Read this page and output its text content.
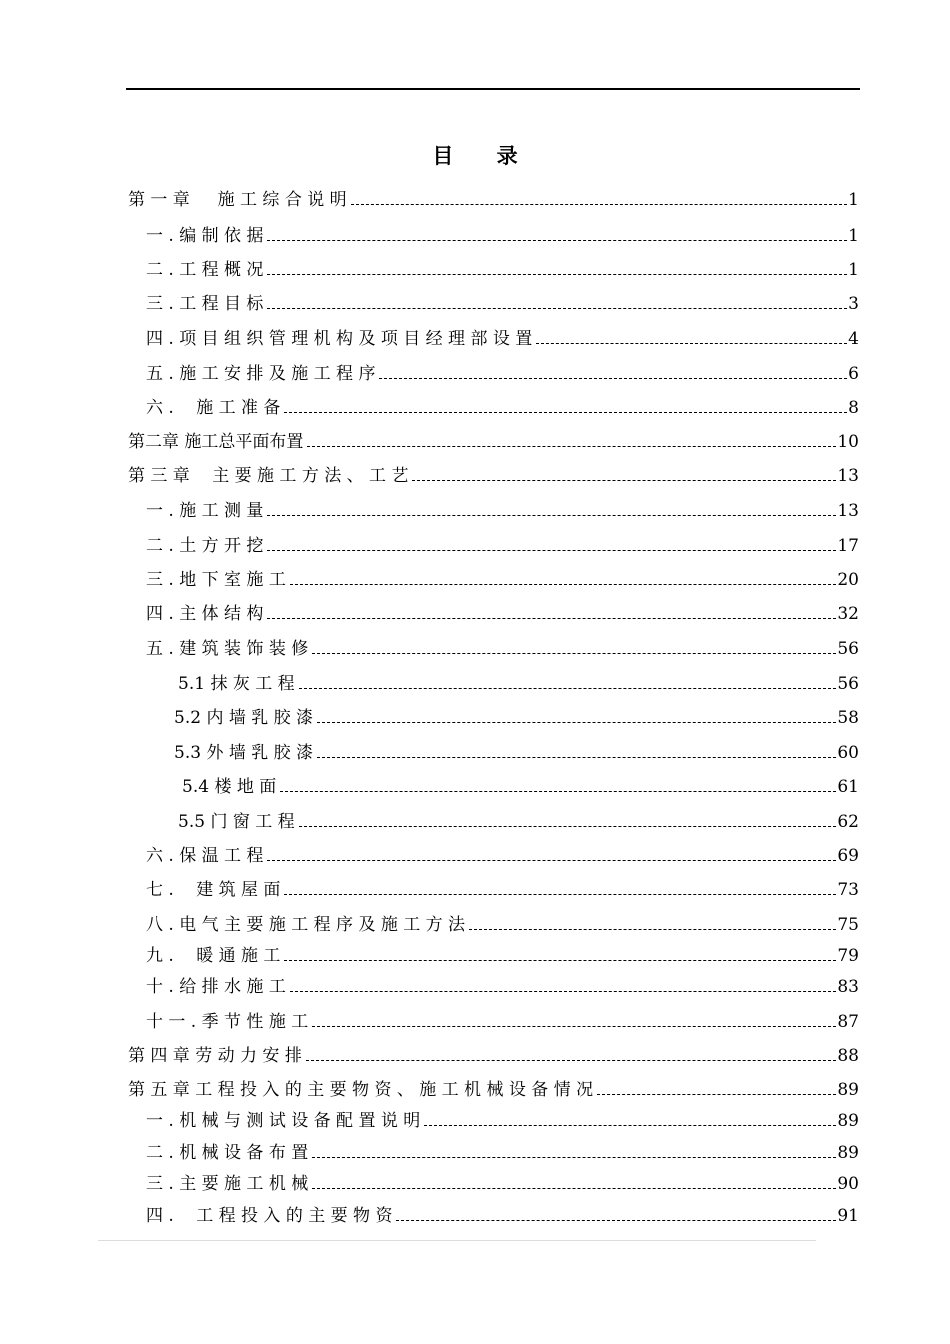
目 录
第 一 章 　 施 工 综 合 说 明	1
一 . 编 制 依 据	1
二 . 工 程 概 况	1
三 . 工 程 目 标	3
四 . 项 目 组 织 管 理 机 构 及 项 目 经 理 部 设 置	4
五 . 施 工 安 排 及 施 工 程 序	6
六 .　 施 工 准 备	8
第二章 施工总平面布置	10
第 三 章 　主 要 施 工 方 法 、 工 艺	13
一 . 施 工 测 量	13
二 . 土 方 开 挖	17
三 . 地 下 室 施 工	20
四 . 主 体 结 构	32
五 . 建 筑 装 饰 装 修	56
5.1 抹 灰 工 程	56
5.2 内 墙 乳 胶 漆	58
5.3 外 墙 乳 胶 漆	60
5.4 楼 地 面	61
5.5 门 窗 工 程	62
六 . 保 温 工 程	69
七 .　 建 筑 屋 面	73
八 . 电 气 主 要 施 工 程 序 及 施 工 方 法	75
九 .　 暖 通 施 工	79
十 . 给 排 水 施 工	83
十 一 . 季 节 性 施 工	87
第 四 章 劳 动 力 安 排	88
第 五 章 工 程 投 入 的 主 要 物 资 、 施 工 机 械 设 备 情 况	89
一 . 机 械 与 测 试 设 备 配 置 说 明	89
二 . 机 械 设 备 布 置	89
三 . 主 要 施 工 机 械	90
四 .　 工 程 投 入 的 主 要 物 资	91
